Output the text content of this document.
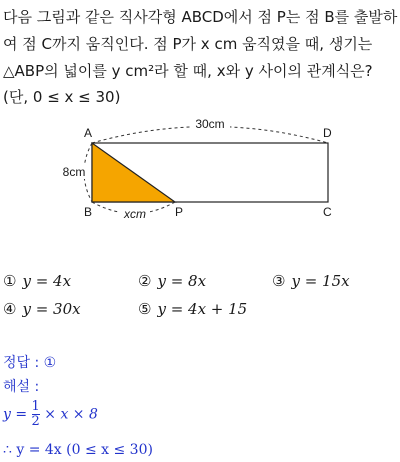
다음 그림과 같은 직사각형 ABCD에서 점 P는 점 B를 출발하
여 점 C까지 움직인다. 점 P가 x cm 움직였을 때, 생기는
△ABP의 넓이를 y cm²라 할 때, x와 y 사이의 관계식은?
(단, 0 ≤ x ≤ 30)
30cm
8cm
xcm
A	D
B	P	C
① y = 4x	② y = 8x	③ y = 15x
④ y = 30x	⑤ y = 4x + 15
정답 : ①
해설 :
$y = \frac{1}{2} \times x \times 8$
∴ y = 4x (0 ≤ x ≤ 30)
